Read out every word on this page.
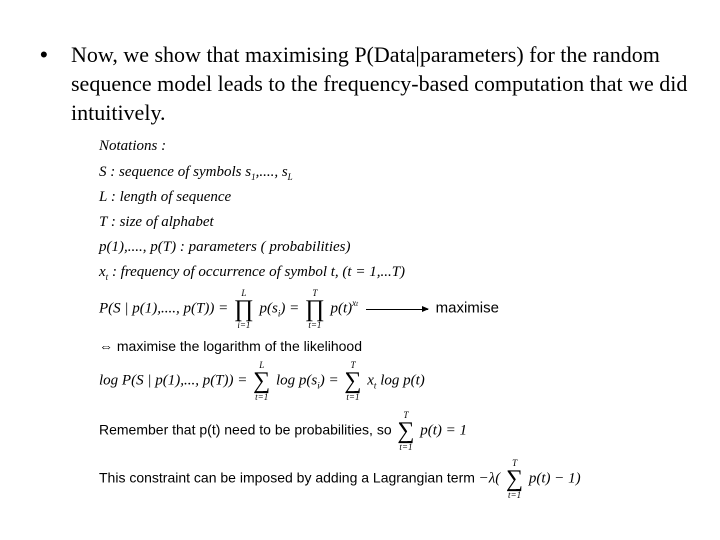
• Now, we show that maximising P(Data|parameters) for the random sequence model leads to the frequency-based computation that we did intuitively.
Notations :
S : sequence of symbols $s_1$,...., $s_L$
L : length of sequence
T : size of alphabet
p(1),...., p(T) : parameters ( probabilities)
$x_t$ : frequency of occurrence of symbol t, (t = 1,...T)
P(S | p(1),...., p(T)) =
L
∏
i=1
$p(s_i)$ =
T
∏
t=1
$p(t)^{xt}$	maximise
⇔ maximise the logarithm of the likelihood
log P(S | p(1),..., p(T)) =
L
∑
t=1
$\log p(s_i)$ =
T
∑
t=1
$x_t$ log p(t)
Remember that p(t) need to be probabilities, so
T
∑
t=1
p(t) = 1
This constraint can be imposed by adding a Lagrangian term −λ(
T
∑
t=1
p(t) − 1)
